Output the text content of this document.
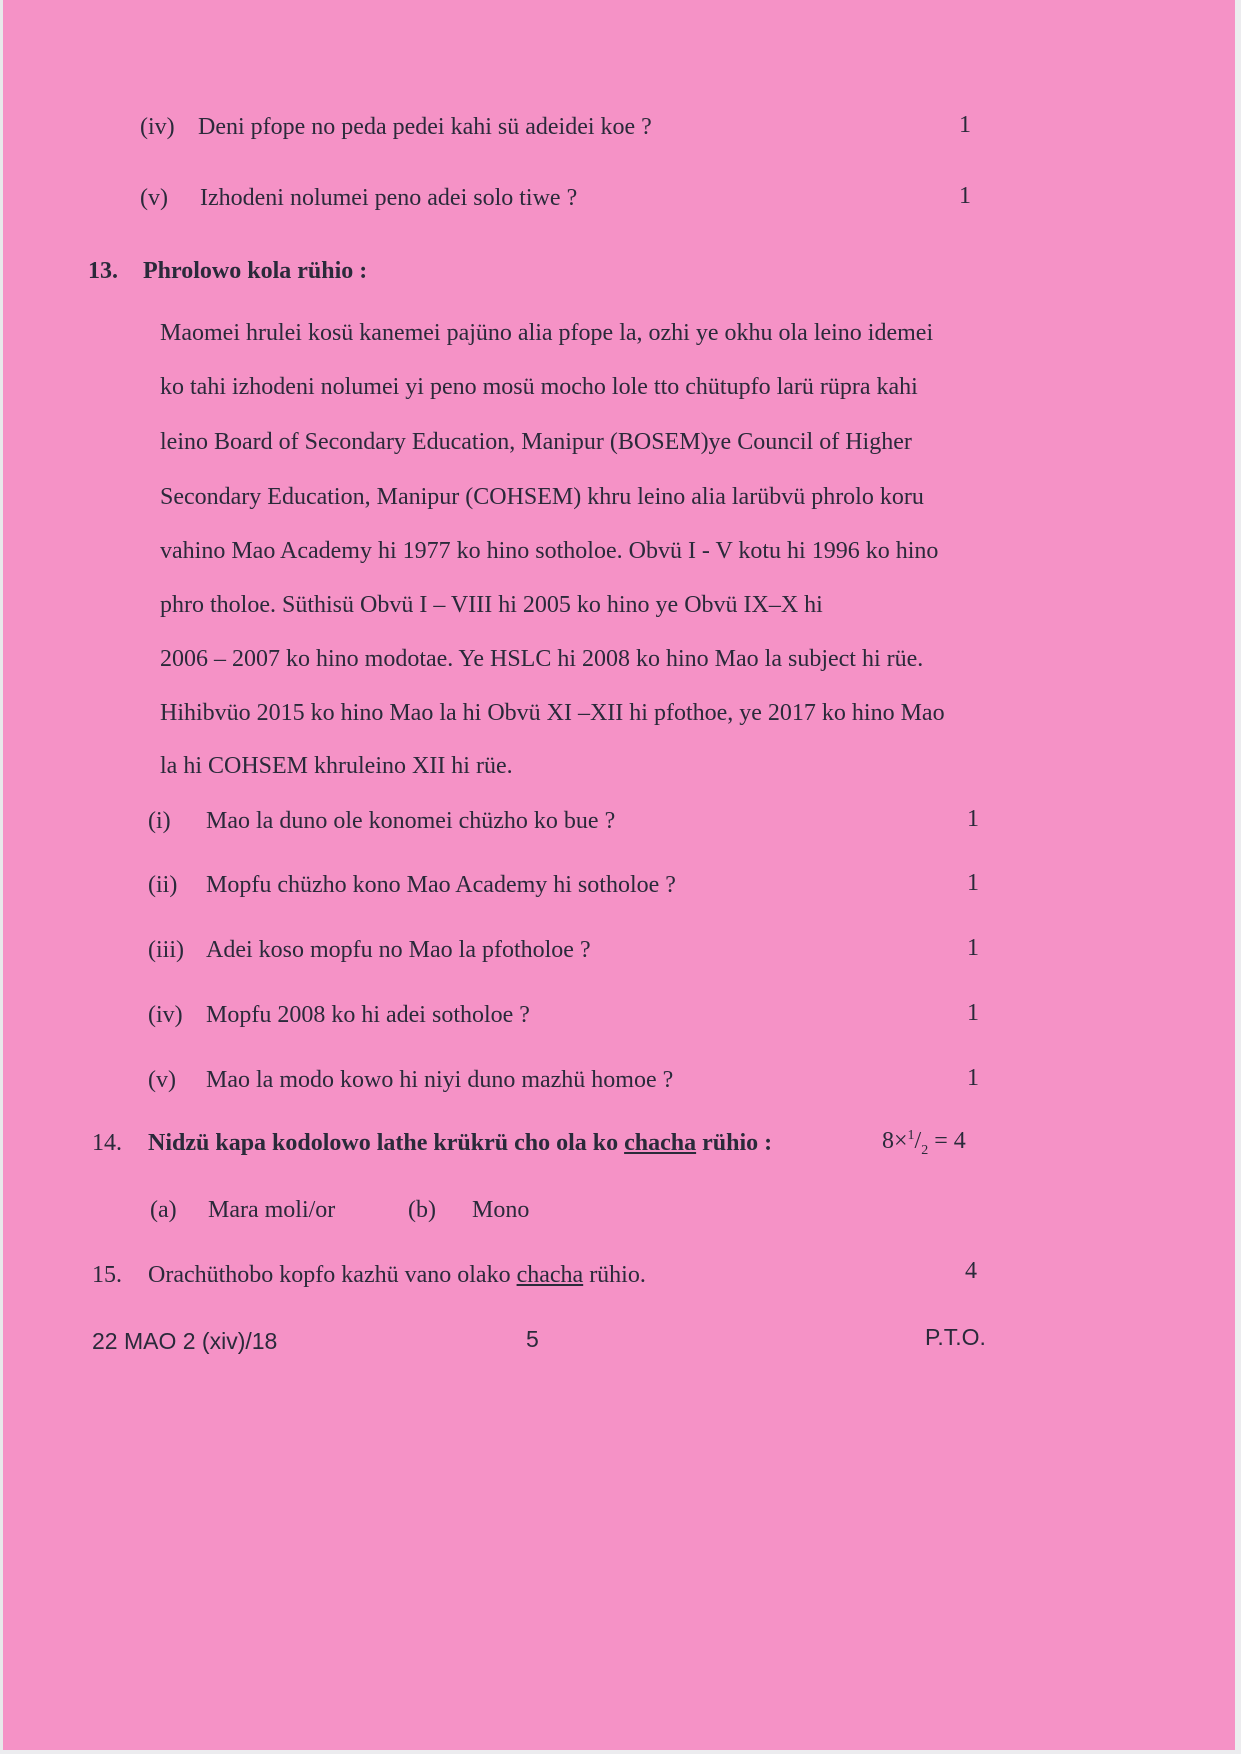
(iv) Deni pfope no peda pedei kahi sü adeidei koe ?	1
(v) Izhodeni nolumei peno adei solo tiwe ?	1
13. Phrolowo kola rühio :
Maomei hrulei kosü kanemei pajüno alia pfope la, ozhi ye okhu ola leino idemei
ko tahi izhodeni nolumei yi peno mosü mocho lole tto chütupfo larü rüpra kahi
leino Board of Secondary Education, Manipur (BOSEM)ye Council of Higher
Secondary Education, Manipur (COHSEM) khru leino alia larübvü phrolo koru
vahino Mao Academy hi 1977 ko hino sotholoe. Obvü I - V kotu hi 1996 ko hino
phro tholoe. Süthisü Obvü I – VIII hi 2005 ko hino ye Obvü IX–X hi
2006 – 2007 ko hino modotae. Ye HSLC hi 2008 ko hino Mao la subject hi rüe.
Hihibvüo 2015 ko hino Mao la hi Obvü XI –XII hi pfothoe, ye 2017 ko hino Mao
la hi COHSEM khruleino XII hi rüe.
(i) Mao la duno ole konomei chüzho ko bue ?	1
(ii) Mopfu chüzho kono Mao Academy hi sotholoe ?	1
(iii) Adei koso mopfu no Mao la pfotholoe ?	1
(iv) Mopfu 2008 ko hi adei sotholoe ?	1
(v) Mao la modo kowo hi niyi duno mazhü homoe ?	1
14. Nidzü kapa kodolowo lathe krükrü cho ola ko chacha rühio :	$8\times^1/_2 = 4$
(a) Mara moli/or	(b) Mono
15. Orachüthobo kopfo kazhü vano olako chacha rühio.	4
22 MAO 2 (xiv)/18	5	P.T.O.
